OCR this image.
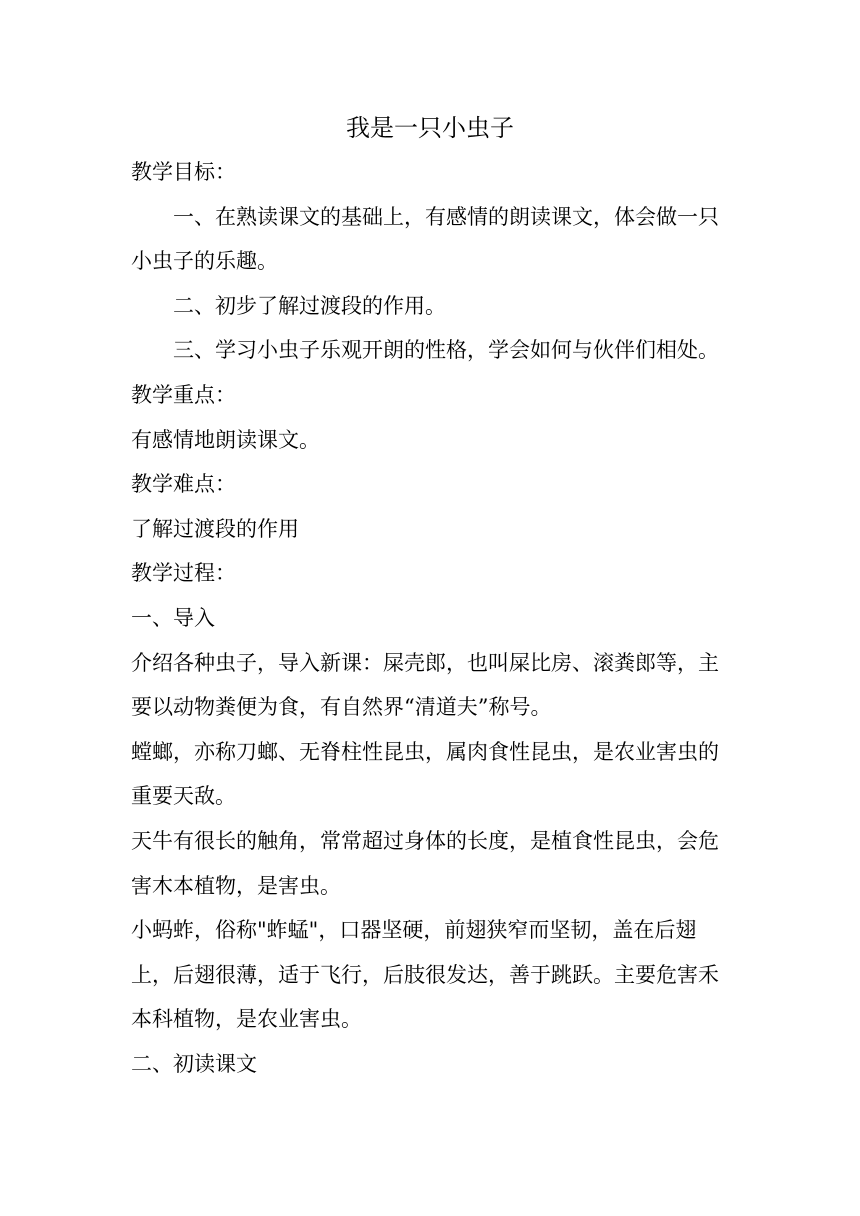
我是一只小虫子

教学目标：

一、在熟读课文的基础上，有感情的朗读课文，体会做一只小虫子的乐趣。

二、初步了解过渡段的作用。

三、学习小虫子乐观开朗的性格，学会如何与伙伴们相处。

教学重点：

有感情地朗读课文。

教学难点：

了解过渡段的作用

教学过程：

一、导入

介绍各种虫子，导入新课：屎壳郎，也叫屎比房、滚粪郎等，主要以动物粪便为食，有自然界“清道夫”称号。

螳螂，亦称刀螂、无脊柱性昆虫，属肉食性昆虫，是农业害虫的重要天敌。

天牛有很长的触角，常常超过身体的长度，是植食性昆虫，会危害木本植物，是害虫。

小蚂蚱，俗称"蚱蜢"，口器坚硬，前翅狭窄而坚韧，盖在后翅上，后翅很薄，适于飞行，后肢很发达，善于跳跃。主要危害禾本科植物，是农业害虫。

二、初读课文
